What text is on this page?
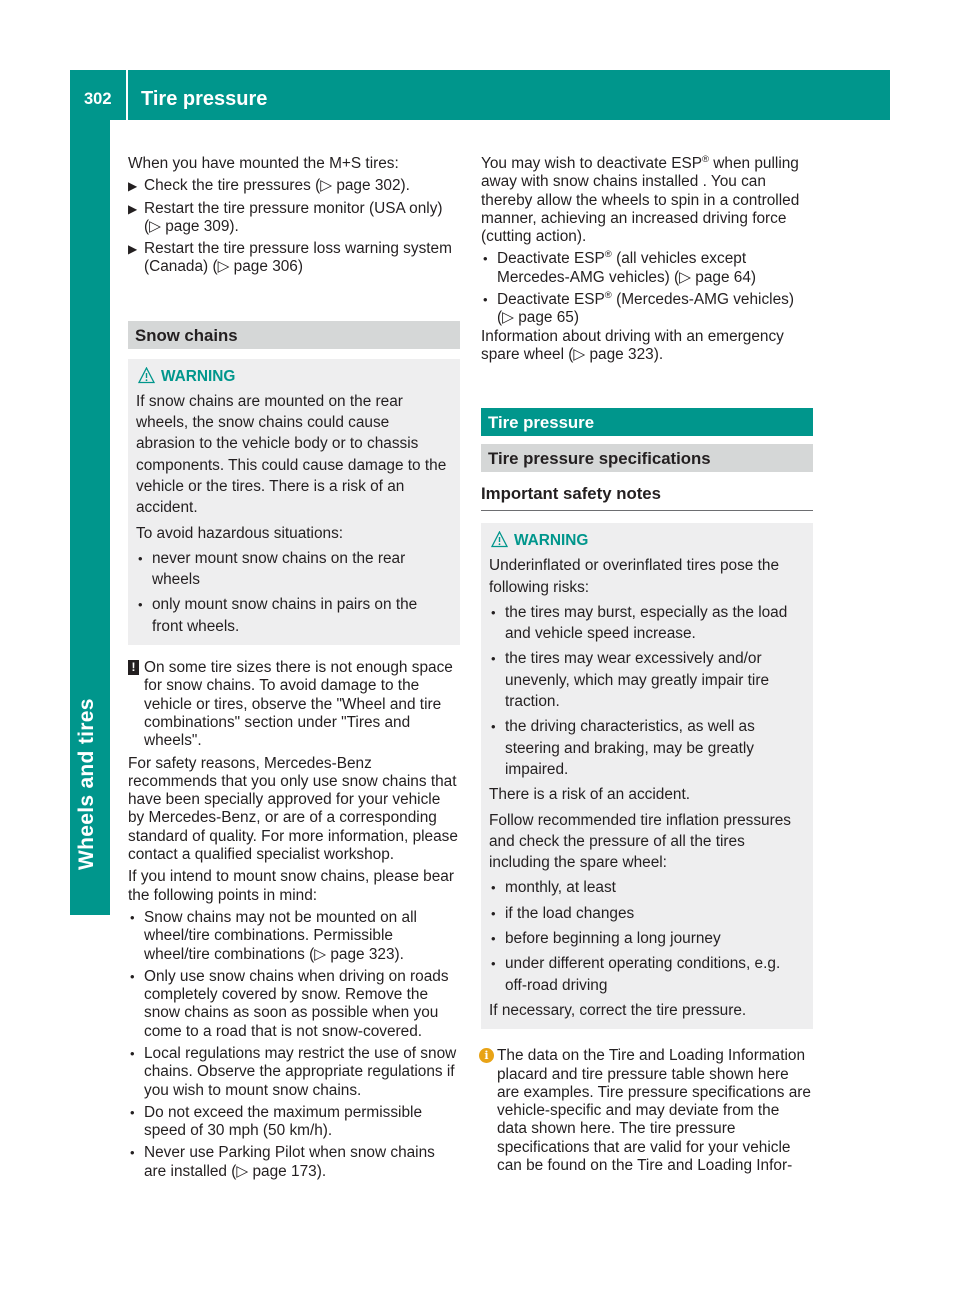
302 Tire pressure
Wheels and tires

When you have mounted the M+S tires:

▶ Check the tire pressures (▷ page 302).
▶ Restart the tire pressure monitor (USA only) (▷ page 309).
▶ Restart the tire pressure loss warning system (Canada) (▷ page 306)
Snow chains
WARNING

If snow chains are mounted on the rear wheels, the snow chains could cause abrasion to the vehicle body or to chassis components. This could cause damage to the vehicle or the tires. There is a risk of an accident.

To avoid hazardous situations:

• never mount snow chains on the rear wheels
• only mount snow chains in pairs on the front wheels.
! On some tire sizes there is not enough space for snow chains. To avoid damage to the vehicle or tires, observe the "Wheel and tire combinations" section under "Tires and wheels".

For safety reasons, Mercedes-Benz recommends that you only use snow chains that have been specially approved for your vehicle by Mercedes-Benz, or are of a corresponding standard of quality. For more information, please contact a qualified specialist workshop.

If you intend to mount snow chains, please bear the following points in mind:

• Snow chains may not be mounted on all wheel/tire combinations. Permissible wheel/tire combinations (▷ page 323).
• Only use snow chains when driving on roads completely covered by snow. Remove the snow chains as soon as possible when you come to a road that is not snow-covered.
• Local regulations may restrict the use of snow chains. Observe the appropriate regulations if you wish to mount snow chains.
• Do not exceed the maximum permissible speed of 30 mph (50 km/h).
• Never use Parking Pilot when snow chains are installed (▷ page 173).

You may wish to deactivate ESP® when pulling away with snow chains installed . You can thereby allow the wheels to spin in a controlled manner, achieving an increased driving force (cutting action).

• Deactivate ESP® (all vehicles except Mercedes-AMG vehicles) (▷ page 64)
• Deactivate ESP® (Mercedes-AMG vehicles) (▷ page 65)

Information about driving with an emergency spare wheel (▷ page 323).

Tire pressure
Tire pressure specifications
Important safety notes
WARNING

Underinflated or overinflated tires pose the following risks:

• the tires may burst, especially as the load and vehicle speed increase.
• the tires may wear excessively and/or unevenly, which may greatly impair tire traction.
• the driving characteristics, as well as steering and braking, may be greatly impaired.

There is a risk of an accident.

Follow recommended tire inflation pressures and check the pressure of all the tires including the spare wheel:

• monthly, at least
• if the load changes
• before beginning a long journey
• under different operating conditions, e.g. off-road driving

If necessary, correct the tire pressure.

i The data on the Tire and Loading Information placard and tire pressure table shown here are examples. Tire pressure specifications are vehicle-specific and may deviate from the data shown here. The tire pressure specifications that are valid for your vehicle can be found on the Tire and Loading Infor-
